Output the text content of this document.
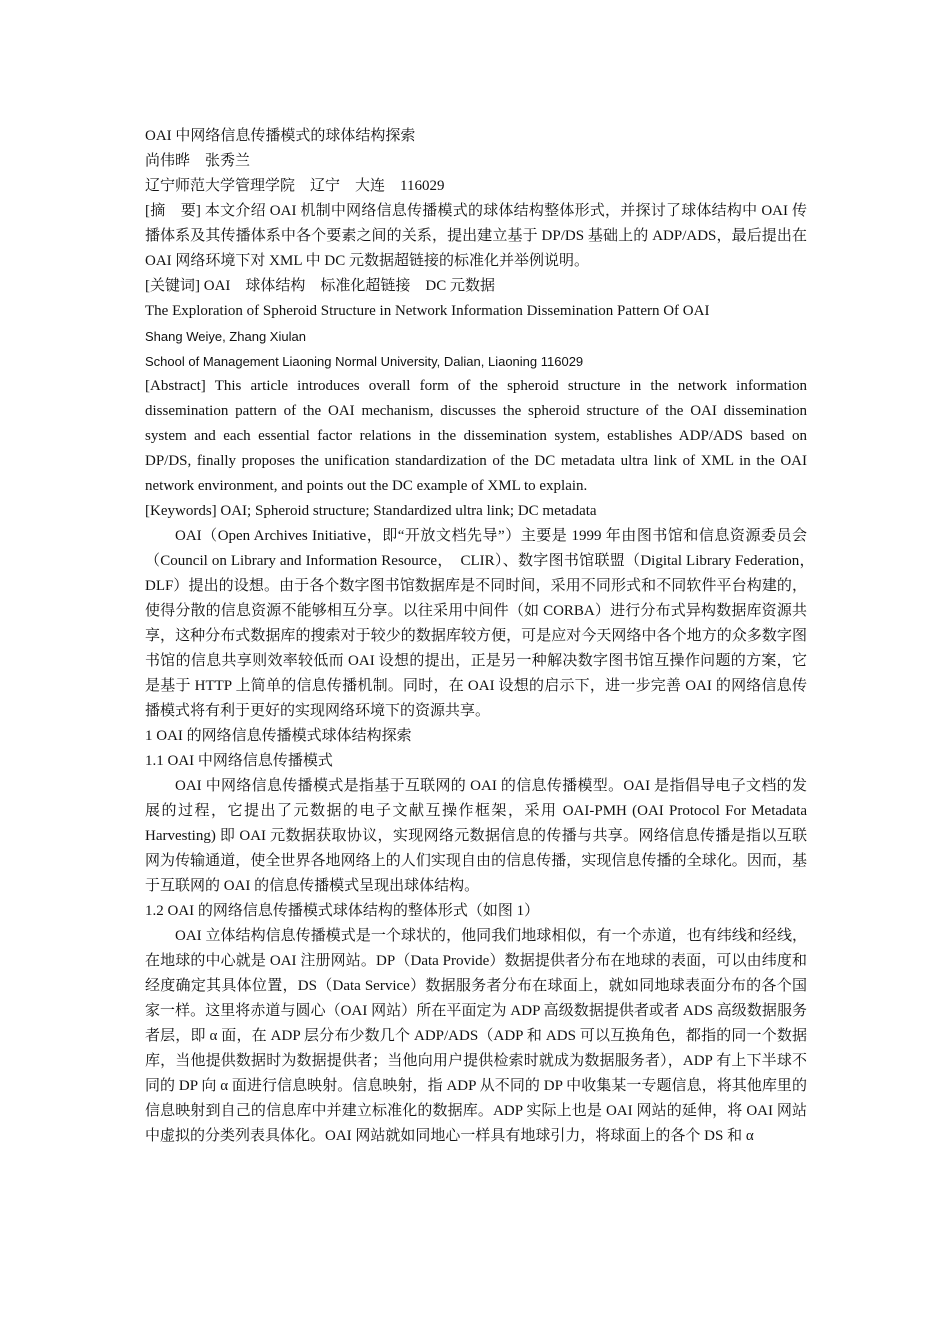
OAI 中网络信息传播模式的球体结构探索

尚伟晔　张秀兰

辽宁师范大学管理学院　辽宁　大连　116029

[摘　要] 本文介绍 OAI 机制中网络信息传播模式的球体结构整体形式，并探讨了球体结构中 OAI 传播体系及其传播体系中各个要素之间的关系，提出建立基于 DP/DS 基础上的 ADP/ADS，最后提出在 OAI 网络环境下对 XML 中 DC 元数据超链接的标准化并举例说明。

[关键词] OAI　球体结构　标准化超链接　DC 元数据

The Exploration of Spheroid Structure in Network Information Dissemination Pattern Of OAI

Shang Weiye, Zhang Xiulan

School of Management Liaoning Normal University, Dalian, Liaoning 116029

[Abstract] This article introduces overall form of the spheroid structure in the network information dissemination pattern of the OAI mechanism, discusses the spheroid structure of the OAI dissemination system and each essential factor relations in the dissemination system, establishes ADP/ADS based on DP/DS, finally proposes the unification standardization of the DC metadata ultra link of XML in the OAI network environment, and points out the DC example of XML to explain.

[Keywords] OAI; Spheroid structure; Standardized ultra link; DC metadata

OAI（Open Archives Initiative，即“开放文档先导”）主要是 1999 年由图书馆和信息资源委员会（Council on Library and Information Resource，　CLIR）、数字图书馆联盟（Digital Library Federation，　DLF）提出的设想。由于各个数字图书馆数据库是不同时间，采用不同形式和不同软件平台构建的，使得分散的信息资源不能够相互分享。以往采用中间件（如 CORBA）进行分布式异构数据库资源共享，这种分布式数据库的搜索对于较少的数据库较方便，可是应对今天网络中各个地方的众多数字图书馆的信息共享则效率较低而 OAI 设想的提出，正是另一种解决数字图书馆互操作问题的方案，它是基于 HTTP 上简单的信息传播机制。同时，在 OAI 设想的启示下，进一步完善 OAI 的网络信息传播模式将有利于更好的实现网络环境下的资源共享。

1 OAI 的网络信息传播模式球体结构探索

1.1 OAI 中网络信息传播模式

OAI 中网络信息传播模式是指基于互联网的 OAI 的信息传播模型。OAI 是指倡导电子文档的发展的过程，它提出了元数据的电子文献互操作框架，采用 OAI-PMH (OAI Protocol For Metadata Harvesting) 即 OAI 元数据获取协议，实现网络元数据信息的传播与共享。网络信息传播是指以互联网为传输通道，使全世界各地网络上的人们实现自由的信息传播，实现信息传播的全球化。因而，基于互联网的 OAI 的信息传播模式呈现出球体结构。

1.2 OAI 的网络信息传播模式球体结构的整体形式（如图 1）

OAI 立体结构信息传播模式是一个球状的，他同我们地球相似，有一个赤道，也有纬线和经线，在地球的中心就是 OAI 注册网站。DP（Data Provide）数据提供者分布在地球的表面，可以由纬度和经度确定其具体位置，DS（Data Service）数据服务者分布在球面上，就如同地球表面分布的各个国家一样。这里将赤道与圆心（OAI 网站）所在平面定为 ADP 高级数据提供者或者 ADS 高级数据服务者层，即 α 面，在 ADP 层分布少数几个 ADP/ADS（ADP 和 ADS 可以互换角色，都指的同一个数据库，当他提供数据时为数据提供者；当他向用户提供检索时就成为数据服务者），ADP 有上下半球不同的 DP 向 α 面进行信息映射。信息映射，指 ADP 从不同的 DP 中收集某一专题信息，将其他库里的信息映射到自己的信息库中并建立标准化的数据库。ADP 实际上也是 OAI 网站的延伸，将 OAI 网站中虚拟的分类列表具体化。OAI 网站就如同地心一样具有地球引力，将球面上的各个 DS 和 α
